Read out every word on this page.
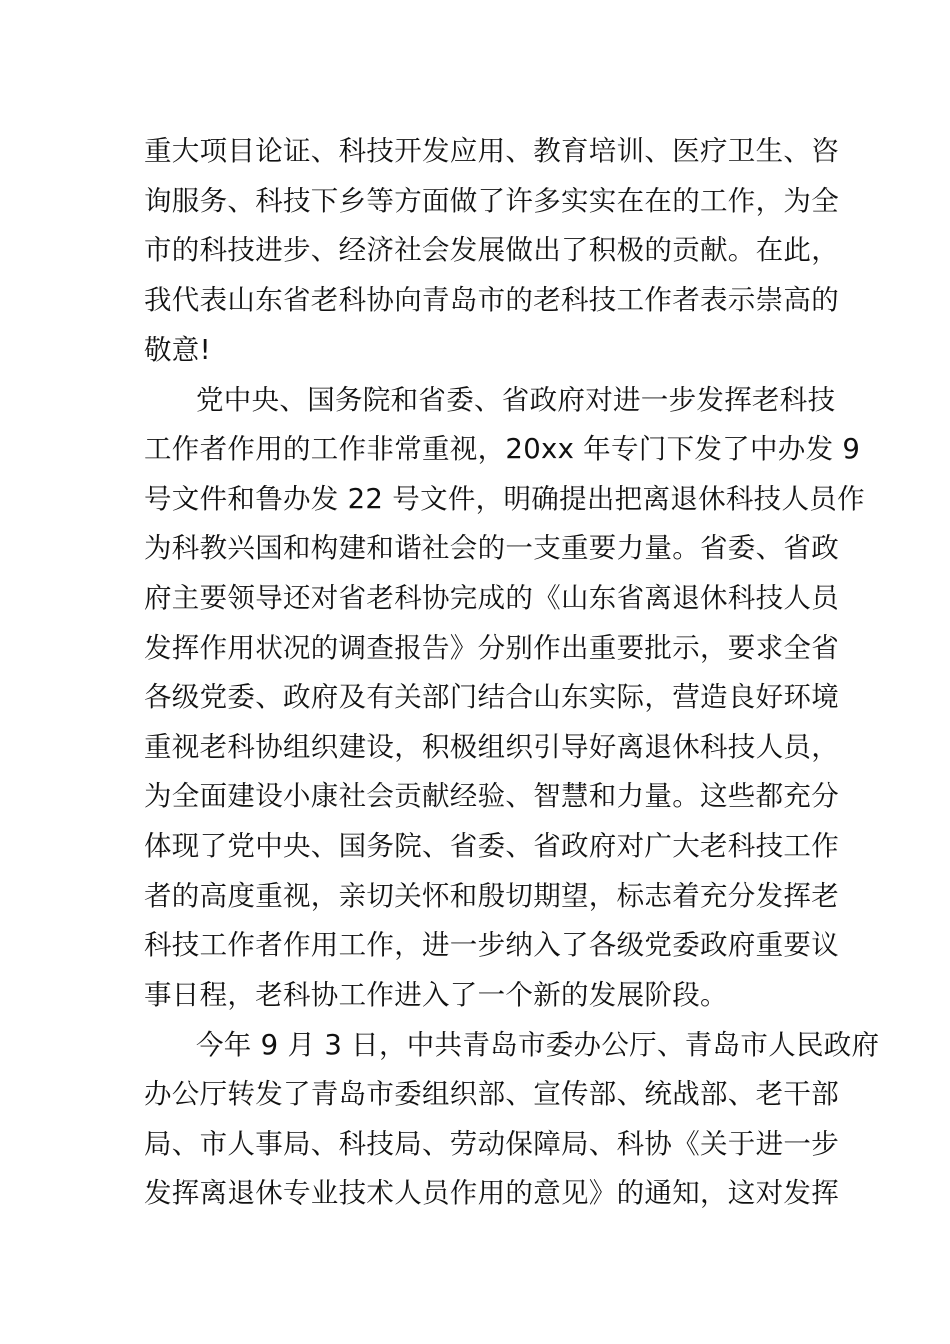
重大项目论证、科技开发应用、教育培训、医疗卫生、咨
询服务、科技下乡等方面做了许多实实在在的工作，为全
市的科技进步、经济社会发展做出了积极的贡献。在此，
我代表山东省老科协向青岛市的老科技工作者表示崇高的
敬意!
党中央、国务院和省委、省政府对进一步发挥老科技
工作者作用的工作非常重视，20xx 年专门下发了中办发 9
号文件和鲁办发 22 号文件，明确提出把离退休科技人员作
为科教兴国和构建和谐社会的一支重要力量。省委、省政
府主要领导还对省老科协完成的《山东省离退休科技人员
发挥作用状况的调查报告》分别作出重要批示，要求全省
各级党委、政府及有关部门结合山东实际，营造良好环境
重视老科协组织建设，积极组织引导好离退休科技人员，
为全面建设小康社会贡献经验、智慧和力量。这些都充分
体现了党中央、国务院、省委、省政府对广大老科技工作
者的高度重视，亲切关怀和殷切期望，标志着充分发挥老
科技工作者作用工作，进一步纳入了各级党委政府重要议
事日程，老科协工作进入了一个新的发展阶段。
今年 9 月 3 日，中共青岛市委办公厅、青岛市人民政府
办公厅转发了青岛市委组织部、宣传部、统战部、老干部
局、市人事局、科技局、劳动保障局、科协《关于进一步
发挥离退休专业技术人员作用的意见》的通知，这对发挥
